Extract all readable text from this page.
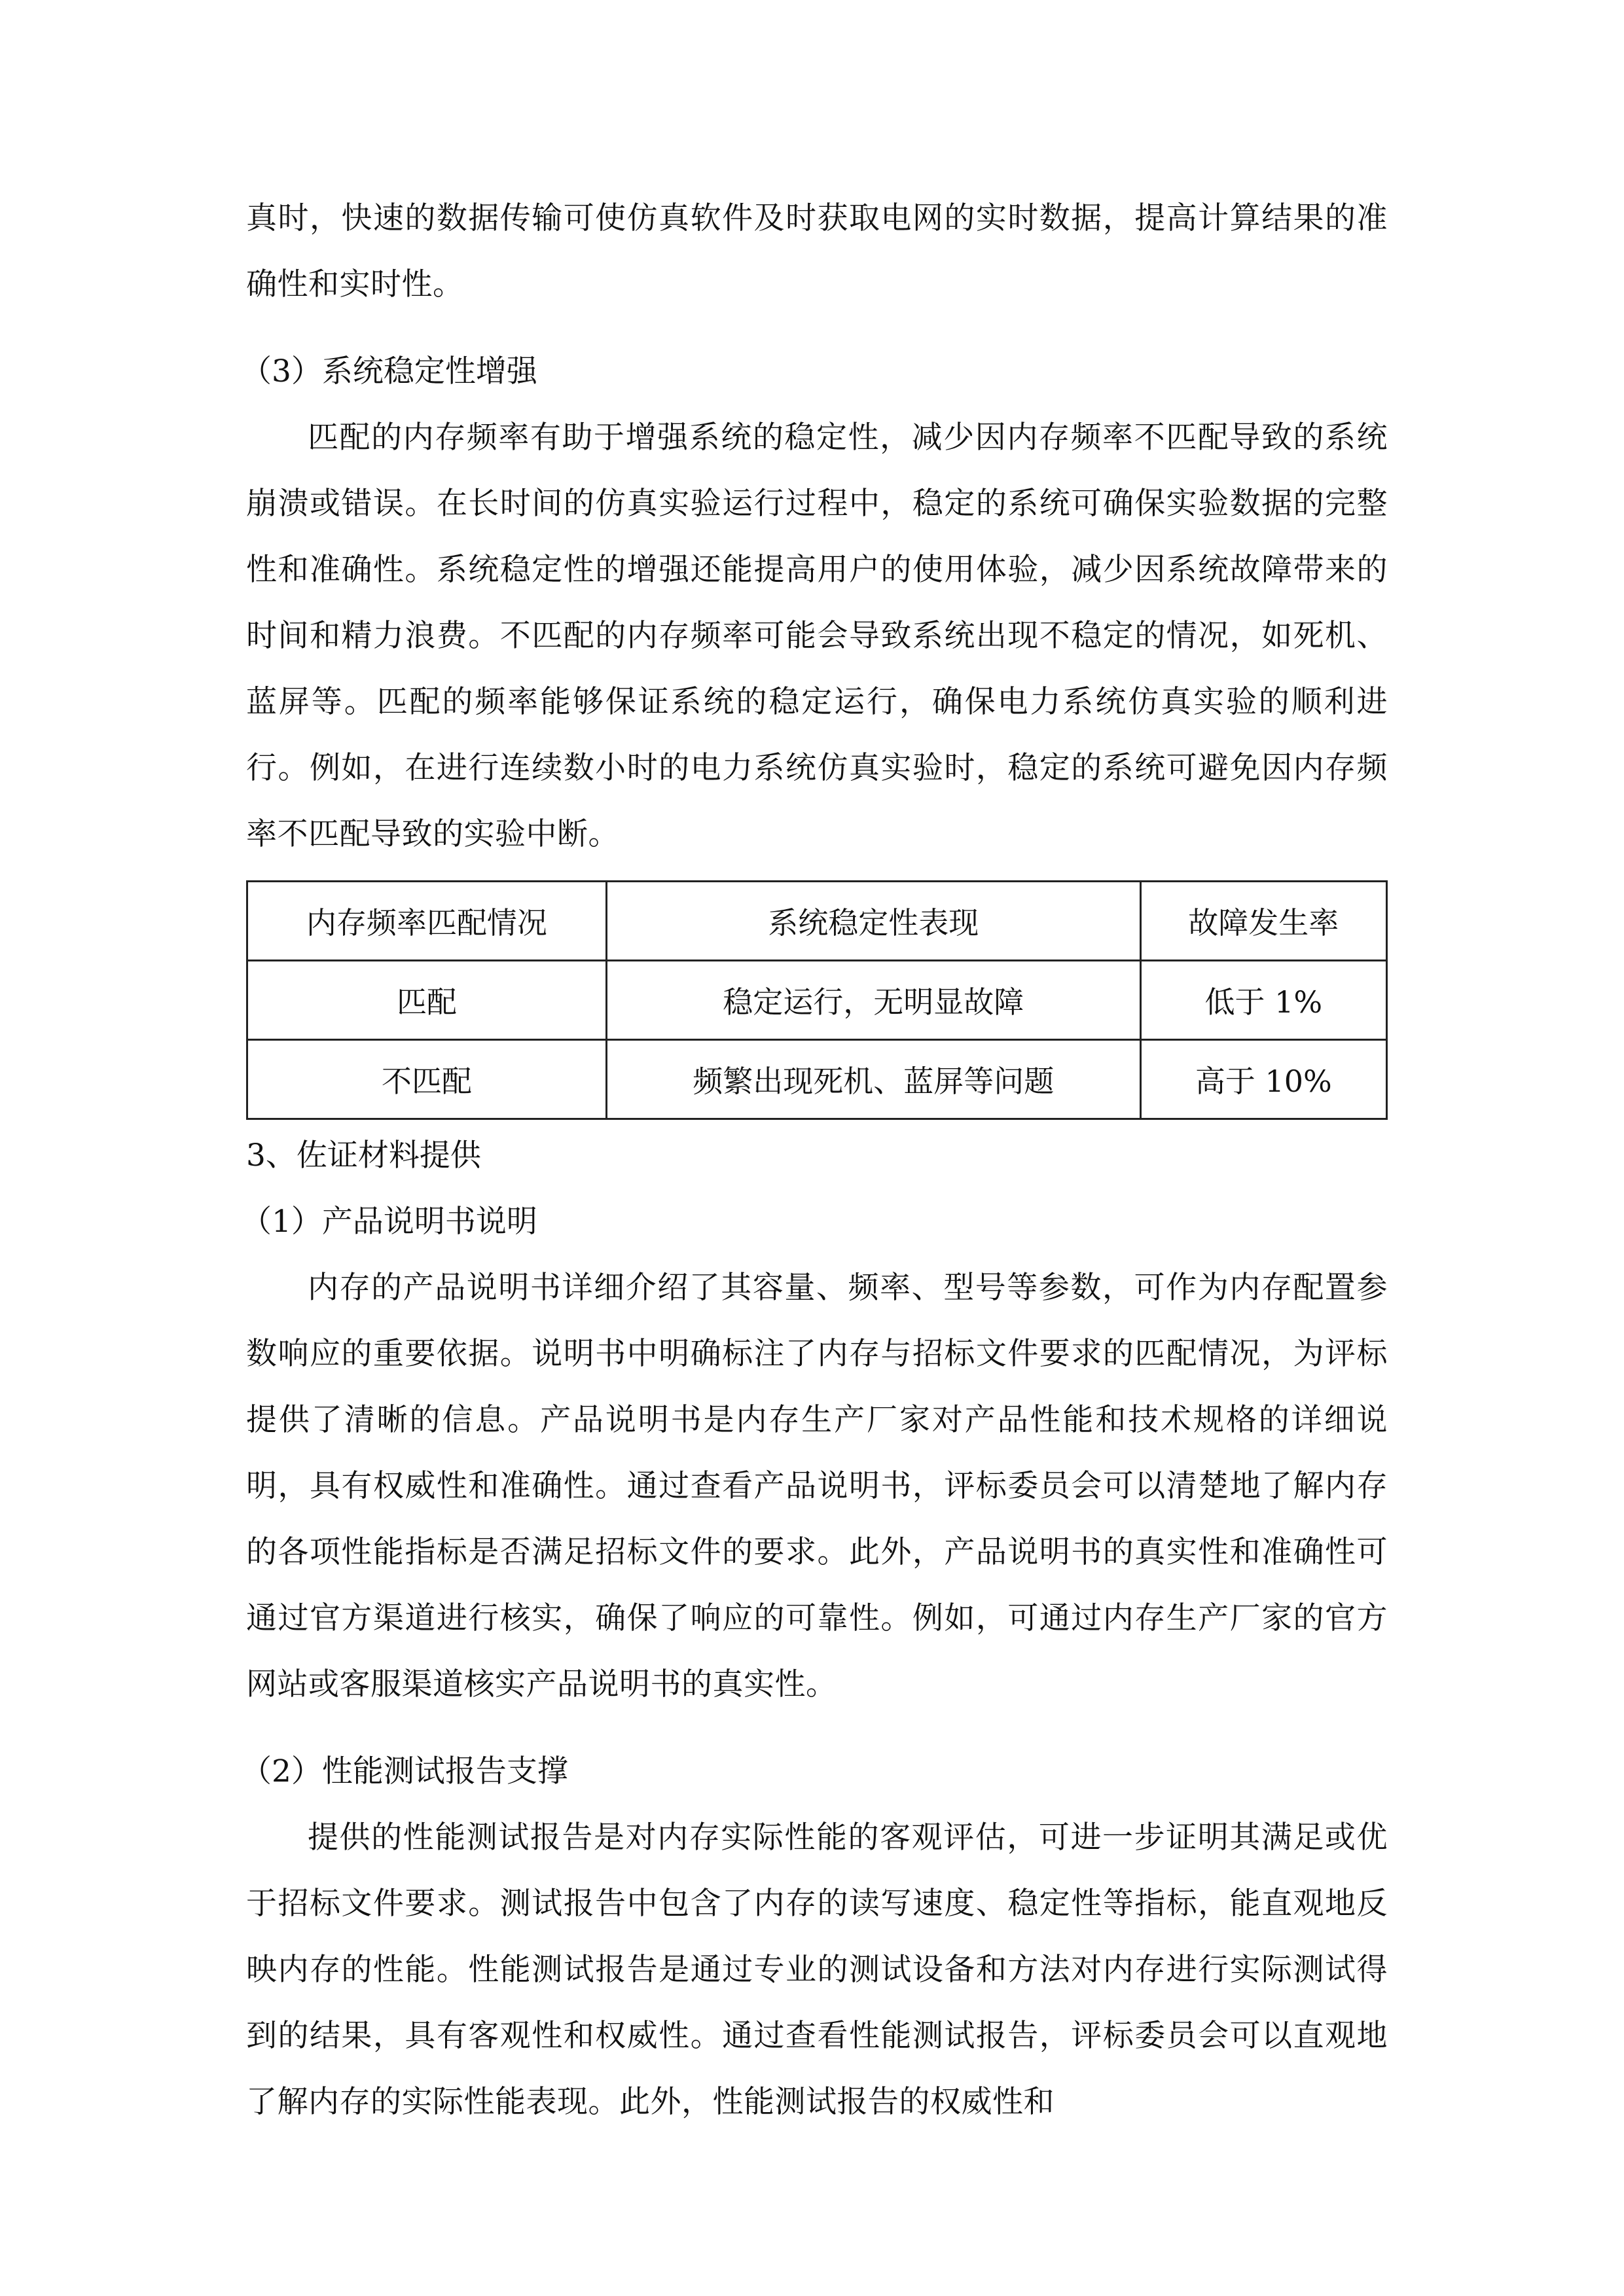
真时，快速的数据传输可使仿真软件及时获取电网的实时数据，提高计算结果的准确性和实时性。

（3）系统稳定性增强

匹配的内存频率有助于增强系统的稳定性，减少因内存频率不匹配导致的系统崩溃或错误。在长时间的仿真实验运行过程中，稳定的系统可确保实验数据的完整性和准确性。系统稳定性的增强还能提高用户的使用体验，减少因系统故障带来的时间和精力浪费。不匹配的内存频率可能会导致系统出现不稳定的情况，如死机、蓝屏等。匹配的频率能够保证系统的稳定运行，确保电力系统仿真实验的顺利进行。例如，在进行连续数小时的电力系统仿真实验时，稳定的系统可避免因内存频率不匹配导致的实验中断。

内存频率匹配情况	系统稳定性表现	故障发生率
匹配	稳定运行，无明显故障	低于 1%
不匹配	频繁出现死机、蓝屏等问题	高于 10%

3、佐证材料提供

（1）产品说明书说明

内存的产品说明书详细介绍了其容量、频率、型号等参数，可作为内存配置参数响应的重要依据。说明书中明确标注了内存与招标文件要求的匹配情况，为评标提供了清晰的信息。产品说明书是内存生产厂家对产品性能和技术规格的详细说明，具有权威性和准确性。通过查看产品说明书，评标委员会可以清楚地了解内存的各项性能指标是否满足招标文件的要求。此外，产品说明书的真实性和准确性可通过官方渠道进行核实，确保了响应的可靠性。例如，可通过内存生产厂家的官方网站或客服渠道核实产品说明书的真实性。

（2）性能测试报告支撑

提供的性能测试报告是对内存实际性能的客观评估，可进一步证明其满足或优于招标文件要求。测试报告中包含了内存的读写速度、稳定性等指标，能直观地反映内存的性能。性能测试报告是通过专业的测试设备和方法对内存进行实际测试得到的结果，具有客观性和权威性。通过查看性能测试报告，评标委员会可以直观地了解内存的实际性能表现。此外，性能测试报告的权威性和
